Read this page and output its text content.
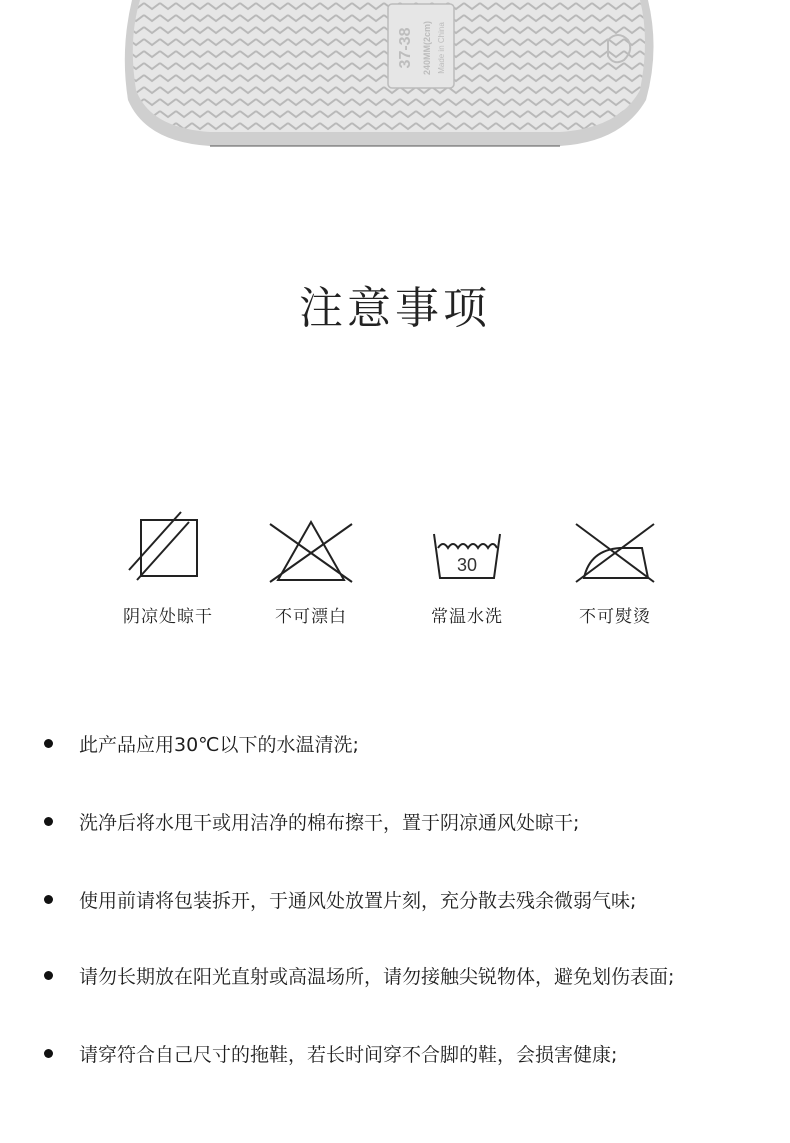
37-38 240MM(2cm) Made in China
注意事项
阴凉处晾干	不可漂白
30
常温水洗	不可熨烫
此产品应用30℃以下的水温清洗;
洗净后将水甩干或用洁净的棉布擦干，置于阴凉通风处晾干;
使用前请将包装拆开，于通风处放置片刻，充分散去残余微弱气味;
请勿长期放在阳光直射或高温场所，请勿接触尖锐物体，避免划伤表面;
请穿符合自己尺寸的拖鞋，若长时间穿不合脚的鞋，会损害健康;
